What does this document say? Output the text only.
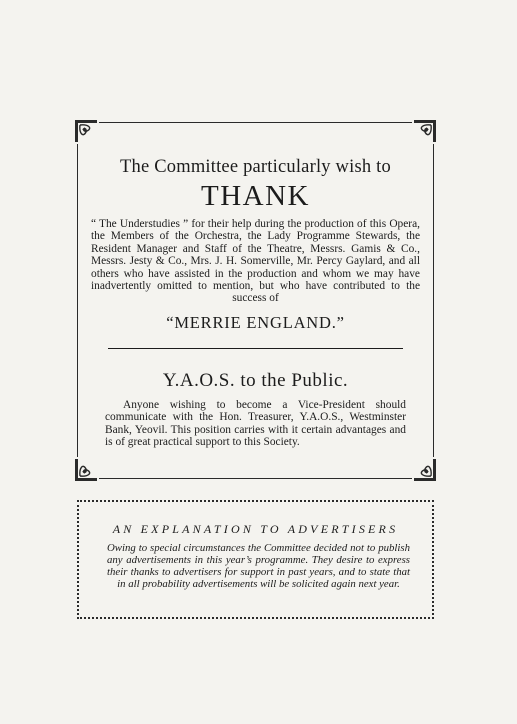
The Committee particularly wish to
THANK
“ The Understudies ” for their help during the production of this Opera, the Members of the Orchestra, the Lady Programme Stewards, the Resident Manager and Staff of the Theatre, Messrs. Gamis & Co., Messrs. Jesty & Co., Mrs. J. H. Somerville, Mr. Percy Gaylard, and all others who have assisted in the production and whom we may have inadvertently omitted to mention, but who have contributed to the success of
“MERRIE ENGLAND.”
Y.A.O.S. to the Public.
Anyone wishing to become a Vice-President should communicate with the Hon. Treasurer, Y.A.O.S., Westminster Bank, Yeovil. This position carries with it certain advantages and is of great practical support to this Society.
AN EXPLANATION TO ADVERTISERS
Owing to special circumstances the Committee decided not to publish any advertisements in this year’s programme. They desire to express their thanks to advertisers for support in past years, and to state that in all probability advertisements will be solicited again next year.
